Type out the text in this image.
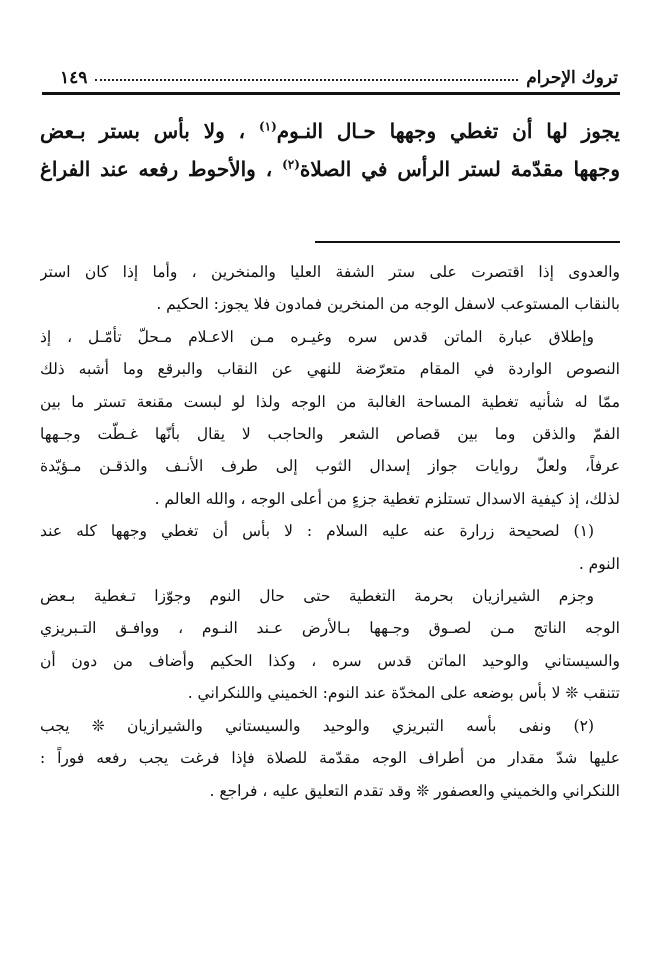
تروك الإحرام
١٤٩
يجوز لها أن تغطي وجهها حـال النـوم$^{(١)}$ ، ولا بأس بستر بـعض
وجهها مقدّمة لستر الرأس في الصلاة$^{(٢)}$ ، والأحوط رفعه عند الفراغ
والعدوى إذا اقتصرت على ستر الشفة العليا والمنخرين ، وأما إذا كان استر
بالنقاب المستوعب لاسفل الوجه من المنخرين فمادون فلا يجوز: الحكيم .
وإطلاق عبارة الماتن قدس سره وغيـره مـن الاعـلام مـحلّ تأمّـل ، إذ
النصوص الواردة في المقام متعرّضة للنهي عن النقاب والبرقع وما أشبه ذلك
ممّا له شأنيه تغطية المساحة الغالبة من الوجه ولذا لو لبست مقنعة تستر ما بين
الفمّ والذقن وما بين قصاص الشعر والحاجب لا يقال بأنّها غـطّت وجـهها
عرفاً، ولعلّ روايات جواز إسدال الثوب إلى طرف الأنـف والذقـن مـؤيّدة
لذلك، إذ كيفية الاسدال تستلزم تغطية جزءٍ من أعلى الوجه ، والله العالم .
(١) لصحيحة زرارة عنه عليه السلام : لا بأس أن تغطي وجهها كله عند
النوم .
وجزم الشيرازيان بحرمة التغطية حتى حال النوم وجوّزا تـغطية بـعض
الوجه الناتج مـن لصـوق وجـهها بـالأرض عـند النـوم ، ووافـق التـبريزي
والسيستاني والوحيد الماتن قدس سره ، وكذا الحكيم وأضاف من دون أن
تتنقب ❊ لا بأس بوضعه على المخدّة عند النوم: الخميني واللنكراني .
(٢) ونفى بأسه التبريزي والوحيد والسيستاني والشيرازيان ❊ يجب
عليها شدّ مقدار من أطراف الوجه مقدّمة للصلاة فإذا فرغت يجب رفعه فوراً :
اللنكراني والخميني والعصفور ❊ وقد تقدم التعليق عليه ، فراجع .
